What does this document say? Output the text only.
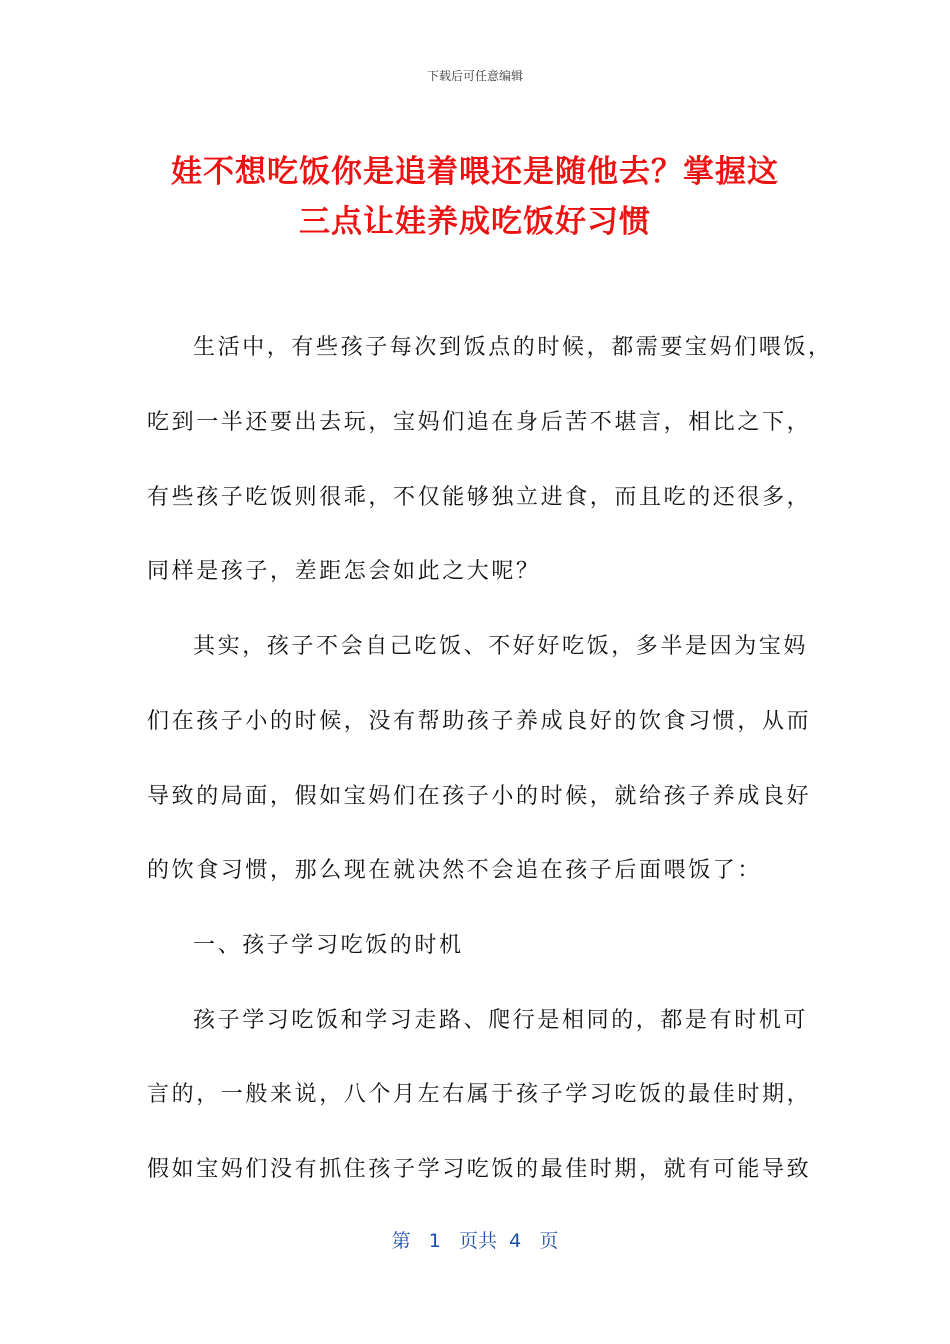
下载后可任意编辑
娃不想吃饭你是追着喂还是随他去？掌握这
三点让娃养成吃饭好习惯
生活中，有些孩子每次到饭点的时候，都需要宝妈们喂饭，
吃到一半还要出去玩，宝妈们追在身后苦不堪言，相比之下，
有些孩子吃饭则很乖，不仅能够独立进食，而且吃的还很多，
同样是孩子，差距怎会如此之大呢？
其实，孩子不会自己吃饭、不好好吃饭，多半是因为宝妈
们在孩子小的时候，没有帮助孩子养成良好的饮食习惯，从而
导致的局面，假如宝妈们在孩子小的时候，就给孩子养成良好
的饮食习惯，那么现在就决然不会追在孩子后面喂饭了：
一、孩子学习吃饭的时机
孩子学习吃饭和学习走路、爬行是相同的，都是有时机可
言的，一般来说，八个月左右属于孩子学习吃饭的最佳时期，
假如宝妈们没有抓住孩子学习吃饭的最佳时期，就有可能导致
第 1 页共 4 页
